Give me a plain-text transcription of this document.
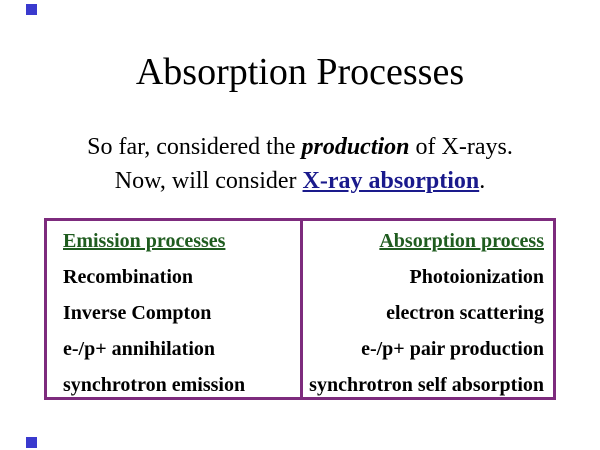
Absorption Processes
So far, considered the production of X-rays.
Now, will consider X-ray absorption.
Emission processes
Recombination
Inverse Compton
e-/p+ annihilation
synchrotron emission
Absorption process
Photoionization
electron scattering
e-/p+ pair production
synchrotron self absorption
